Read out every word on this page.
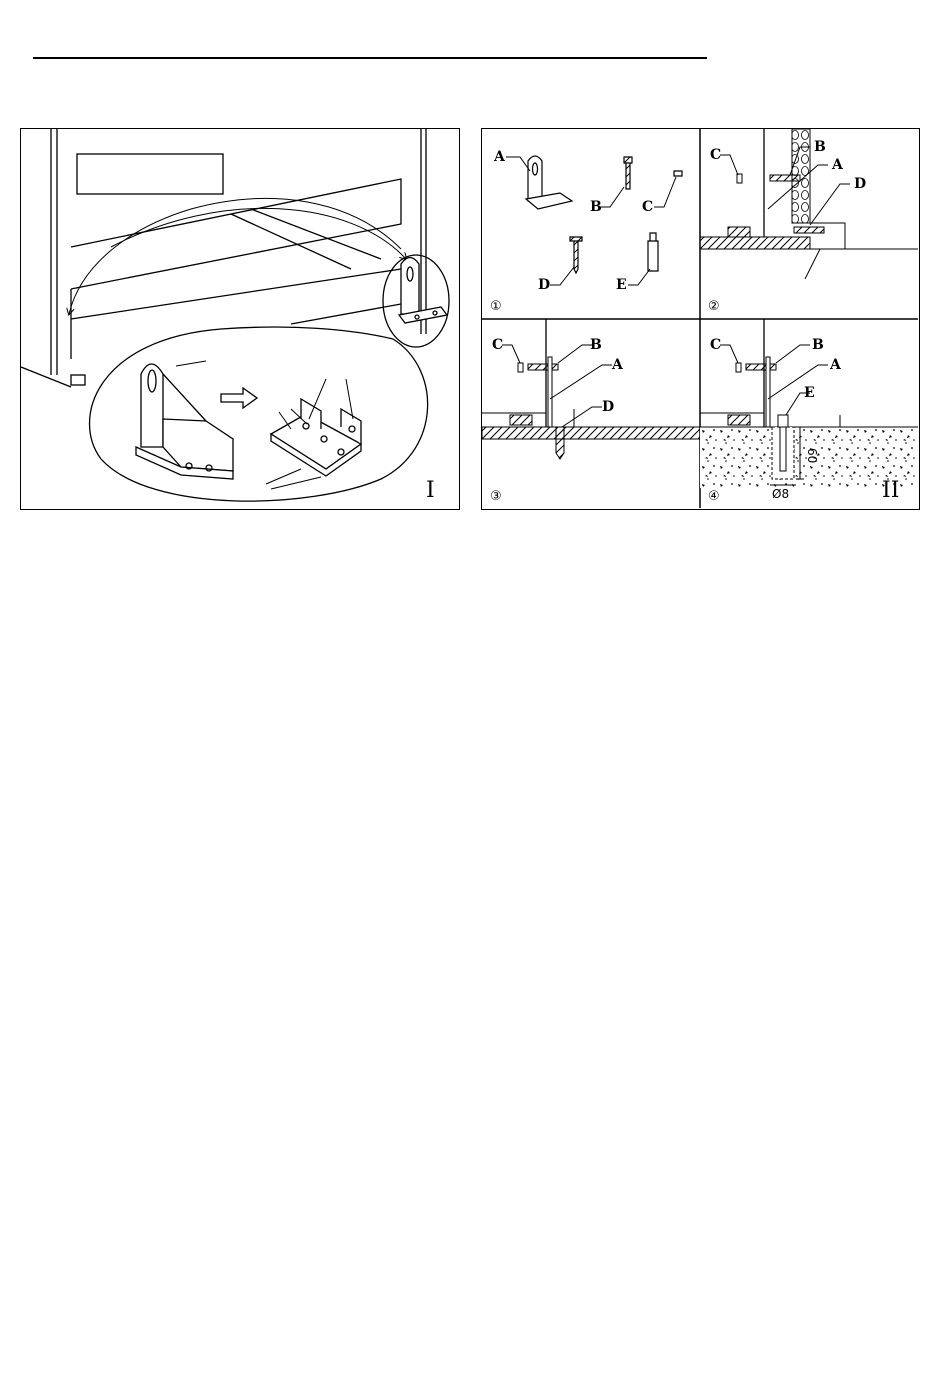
I
A
B	C
D	E
①
C	B
A
D
②
C	B
A
D
③
60
Ø8
C	B
A
E
④	II
